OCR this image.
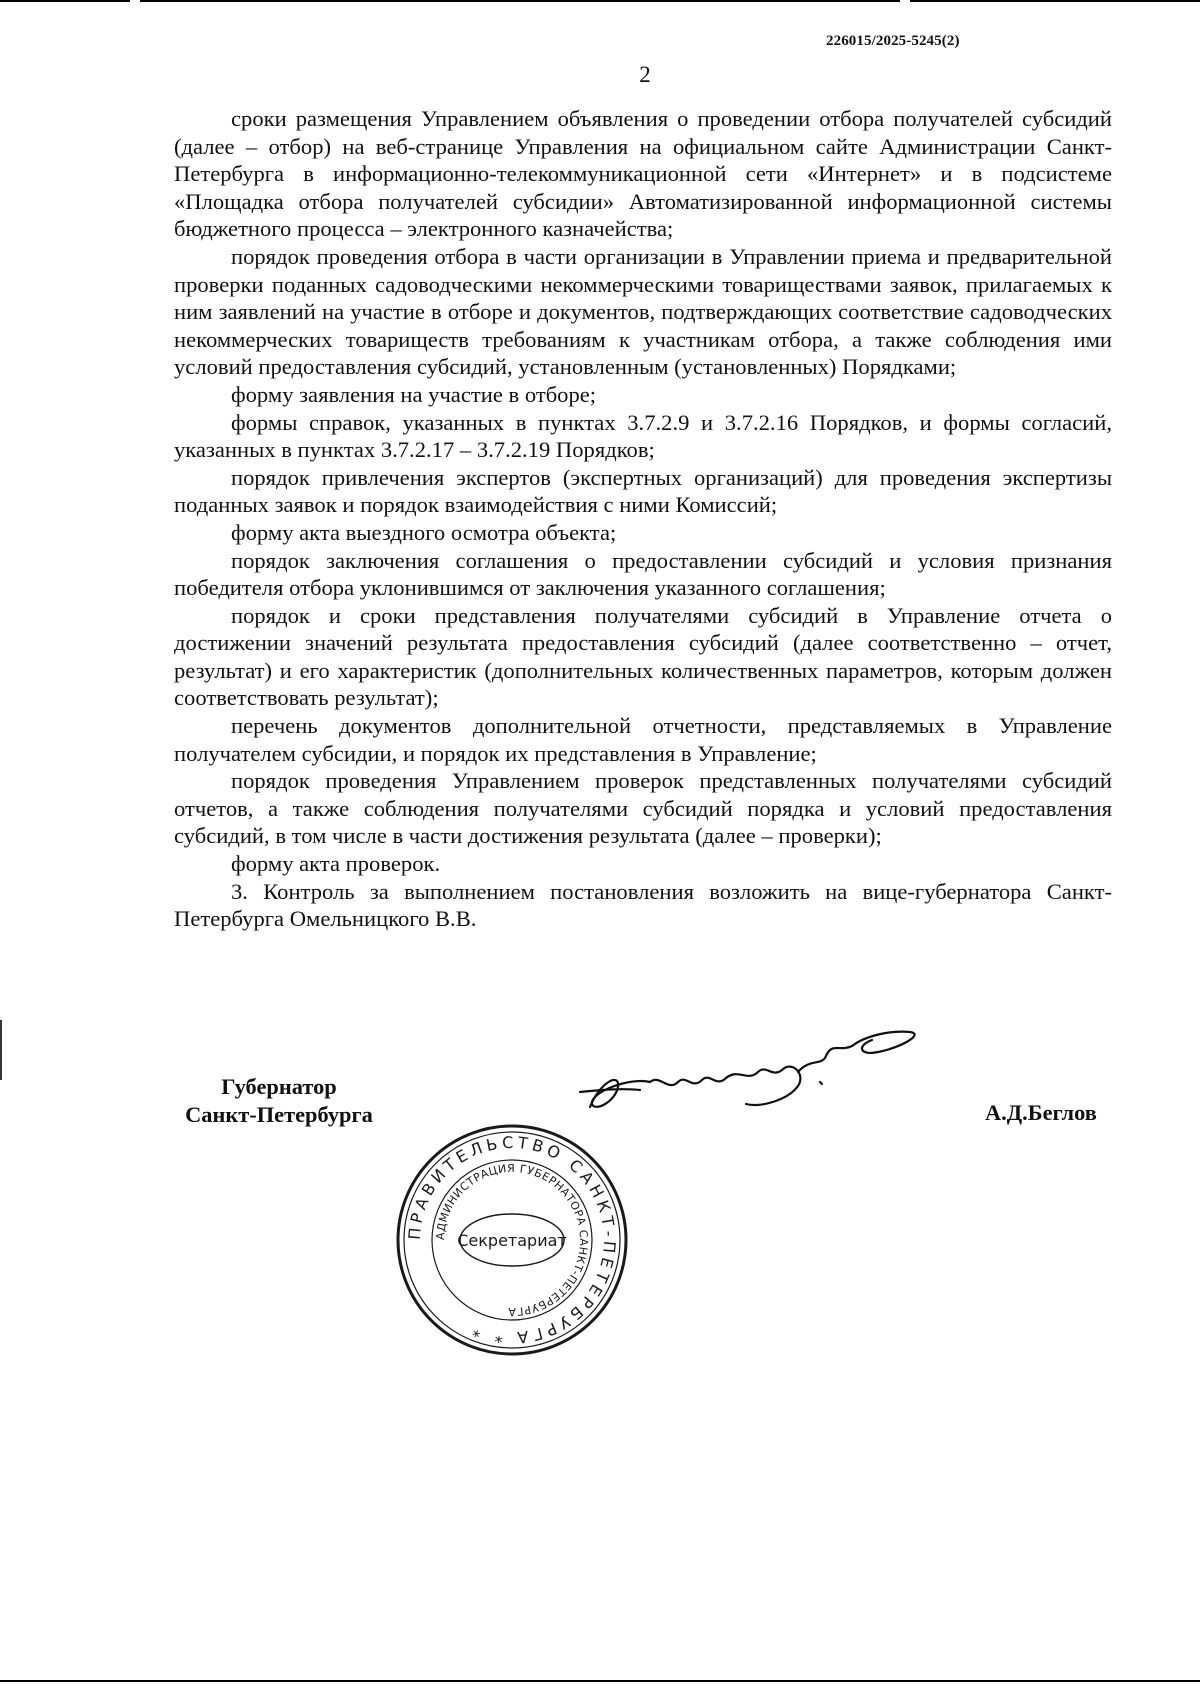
226015/2025-5245(2)
2

сроки размещения Управлением объявления о проведении отбора получателей субсидий (далее – отбор) на веб-странице Управления на официальном сайте Администрации Санкт-Петербурга в информационно-телекоммуникационной сети «Интернет» и в подсистеме «Площадка отбора получателей субсидии» Автоматизированной информационной системы бюджетного процесса – электронного казначейства;

порядок проведения отбора в части организации в Управлении приема и предварительной проверки поданных садоводческими некоммерческими товариществами заявок, прилагаемых к ним заявлений на участие в отборе и документов, подтверждающих соответствие садоводческих некоммерческих товариществ требованиям к участникам отбора, а также соблюдения ими условий предоставления субсидий, установленным (установленных) Порядками;

форму заявления на участие в отборе;

формы справок, указанных в пунктах 3.7.2.9 и 3.7.2.16 Порядков, и формы согласий, указанных в пунктах 3.7.2.17 – 3.7.2.19 Порядков;

порядок привлечения экспертов (экспертных организаций) для проведения экспертизы поданных заявок и порядок взаимодействия с ними Комиссий;

форму акта выездного осмотра объекта;

порядок заключения соглашения о предоставлении субсидий и условия признания победителя отбора уклонившимся от заключения указанного соглашения;

порядок и сроки представления получателями субсидий в Управление отчета о достижении значений результата предоставления субсидий (далее соответственно – отчет, результат) и его характеристик (дополнительных количественных параметров, которым должен соответствовать результат);

перечень документов дополнительной отчетности, представляемых в Управление получателем субсидии, и порядок их представления в Управление;

порядок проведения Управлением проверок представленных получателями субсидий отчетов, а также соблюдения получателями субсидий порядка и условий предоставления субсидий, в том числе в части достижения результата (далее – проверки);

форму акта проверок.

3. Контроль за выполнением постановления возложить на вице-губернатора Санкт-Петербурга Омельницкого В.В.

Губернатор
Санкт-Петербурга	А.Д.Беглов
ПРАВИТЕЛЬСТВО САНКТ-ПЕТЕРБУРГА * *
АДМИНИСТРАЦИЯ ГУБЕРНАТОРА САНКТ-ПЕТЕРБУРГА
Секретариат
